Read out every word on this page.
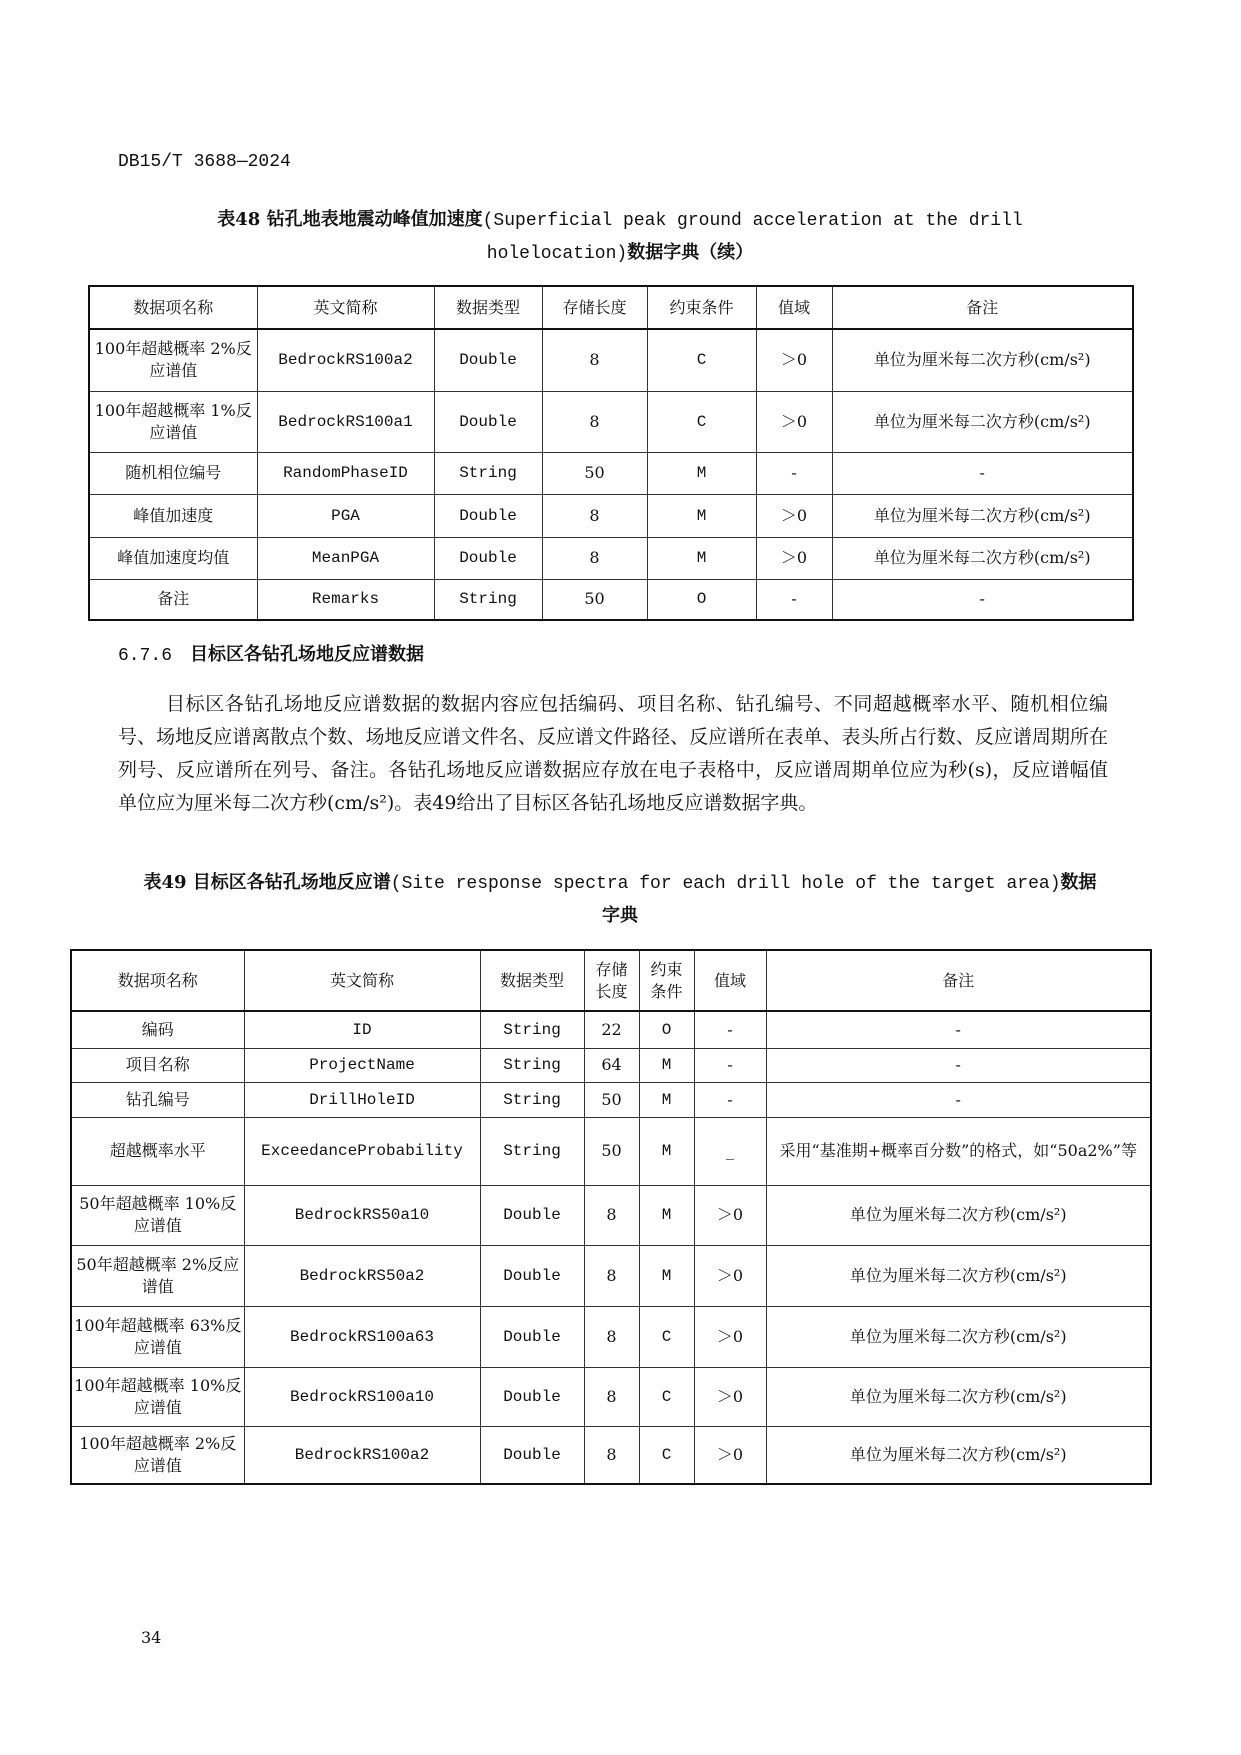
DB15/T 3688—2024
表48 钻孔地表地震动峰值加速度(Superficial peak ground acceleration at the drill holelocation)数据字典（续）
数据项名称	英文简称	数据类型	存储长度	约束条件	值域	备注
100年超越概率 2%反应谱值	BedrockRS100a2	Double	8	C	＞0	单位为厘米每二次方秒(cm/s²)
100年超越概率 1%反应谱值	BedrockRS100a1	Double	8	C	＞0	单位为厘米每二次方秒(cm/s²)
随机相位编号	RandomPhaseID	String	50	M	-	-
峰值加速度	PGA	Double	8	M	＞0	单位为厘米每二次方秒(cm/s²)
峰值加速度均值	MeanPGA	Double	8	M	＞0	单位为厘米每二次方秒(cm/s²)
备注	Remarks	String	50	O	-	-
6.7.6 目标区各钻孔场地反应谱数据
目标区各钻孔场地反应谱数据的数据内容应包括编码、项目名称、钻孔编号、不同超越概率水平、随机相位编号、场地反应谱离散点个数、场地反应谱文件名、反应谱文件路径、反应谱所在表单、表头所占行数、反应谱周期所在列号、反应谱所在列号、备注。各钻孔场地反应谱数据应存放在电子表格中，反应谱周期单位应为秒(s)，反应谱幅值单位应为厘米每二次方秒(cm/s²)。表49给出了目标区各钻孔场地反应谱数据字典。
表49 目标区各钻孔场地反应谱(Site response spectra for each drill hole of the target area)数据字典
数据项名称	英文简称	数据类型	存储长度	约束条件	值域	备注
编码	ID	String	22	O	-	-
项目名称	ProjectName	String	64	M	-	-
钻孔编号	DrillHoleID	String	50	M	-	-
超越概率水平	ExceedanceProbability	String	50	M	_	采用“基准期+概率百分数”的格式，如“50a2%”等
50年超越概率 10%反应谱值	BedrockRS50a10	Double	8	M	＞0	单位为厘米每二次方秒(cm/s²)
50年超越概率 2%反应谱值	BedrockRS50a2	Double	8	M	＞0	单位为厘米每二次方秒(cm/s²)
100年超越概率 63%反应谱值	BedrockRS100a63	Double	8	C	＞0	单位为厘米每二次方秒(cm/s²)
100年超越概率 10%反应谱值	BedrockRS100a10	Double	8	C	＞0	单位为厘米每二次方秒(cm/s²)
100年超越概率 2%反应谱值	BedrockRS100a2	Double	8	C	＞0	单位为厘米每二次方秒(cm/s²)
34
